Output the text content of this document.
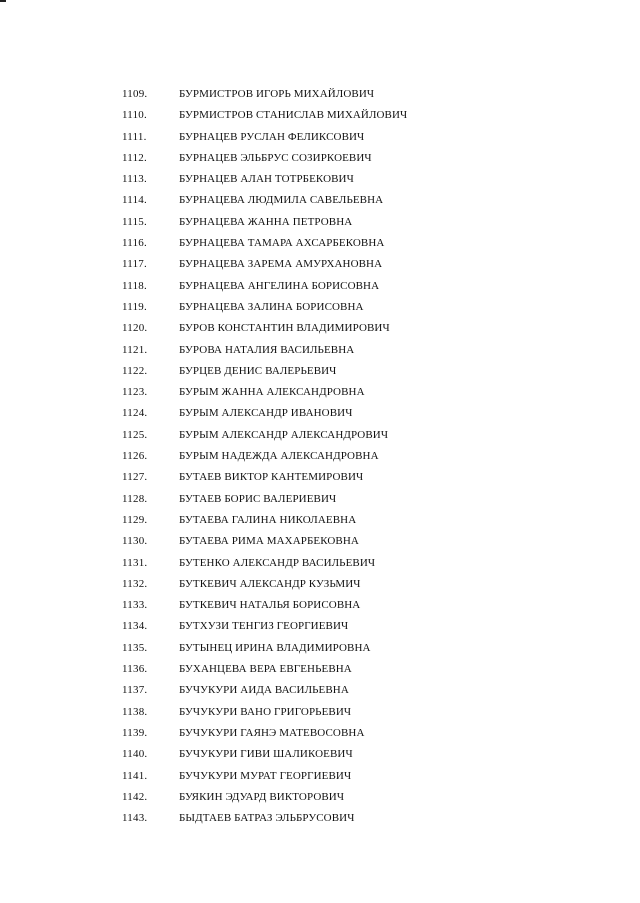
1109.	БУРМИСТРОВ ИГОРЬ МИХАЙЛОВИЧ
1110.	БУРМИСТРОВ СТАНИСЛАВ МИХАЙЛОВИЧ
1111.	БУРНАЦЕВ РУСЛАН ФЕЛИКСОВИЧ
1112.	БУРНАЦЕВ ЭЛЬБРУС СОЗИРКОЕВИЧ
1113.	БУРНАЦЕВ АЛАН ТОТРБЕКОВИЧ
1114.	БУРНАЦЕВА ЛЮДМИЛА САВЕЛЬЕВНА
1115.	БУРНАЦЕВА ЖАННА ПЕТРОВНА
1116.	БУРНАЦЕВА ТАМАРА АХСАРБЕКОВНА
1117.	БУРНАЦЕВА ЗАРЕМА АМУРХАНОВНА
1118.	БУРНАЦЕВА АНГЕЛИНА БОРИСОВНА
1119.	БУРНАЦЕВА ЗАЛИНА БОРИСОВНА
1120.	БУРОВ КОНСТАНТИН ВЛАДИМИРОВИЧ
1121.	БУРОВА НАТАЛИЯ ВАСИЛЬЕВНА
1122.	БУРЦЕВ ДЕНИС ВАЛЕРЬЕВИЧ
1123.	БУРЫМ ЖАННА АЛЕКСАНДРОВНА
1124.	БУРЫМ АЛЕКСАНДР ИВАНОВИЧ
1125.	БУРЫМ АЛЕКСАНДР АЛЕКСАНДРОВИЧ
1126.	БУРЫМ НАДЕЖДА АЛЕКСАНДРОВНА
1127.	БУТАЕВ ВИКТОР КАНТЕМИРОВИЧ
1128.	БУТАЕВ БОРИС ВАЛЕРИЕВИЧ
1129.	БУТАЕВА ГАЛИНА НИКОЛАЕВНА
1130.	БУТАЕВА РИМА МАХАРБЕКОВНА
1131.	БУТЕНКО АЛЕКСАНДР ВАСИЛЬЕВИЧ
1132.	БУТКЕВИЧ АЛЕКСАНДР КУЗЬМИЧ
1133.	БУТКЕВИЧ НАТАЛЬЯ БОРИСОВНА
1134.	БУТХУЗИ ТЕНГИЗ ГЕОРГИЕВИЧ
1135.	БУТЫНЕЦ ИРИНА ВЛАДИМИРОВНА
1136.	БУХАНЦЕВА ВЕРА ЕВГЕНЬЕВНА
1137.	БУЧУКУРИ АИДА ВАСИЛЬЕВНА
1138.	БУЧУКУРИ ВАНО ГРИГОРЬЕВИЧ
1139.	БУЧУКУРИ ГАЯНЭ МАТЕВОСОВНА
1140.	БУЧУКУРИ ГИВИ ШАЛИКОЕВИЧ
1141.	БУЧУКУРИ МУРАТ ГЕОРГИЕВИЧ
1142.	БУЯКИН ЭДУАРД ВИКТОРОВИЧ
1143.	БЫДТАЕВ БАТРАЗ ЭЛЬБРУСОВИЧ
